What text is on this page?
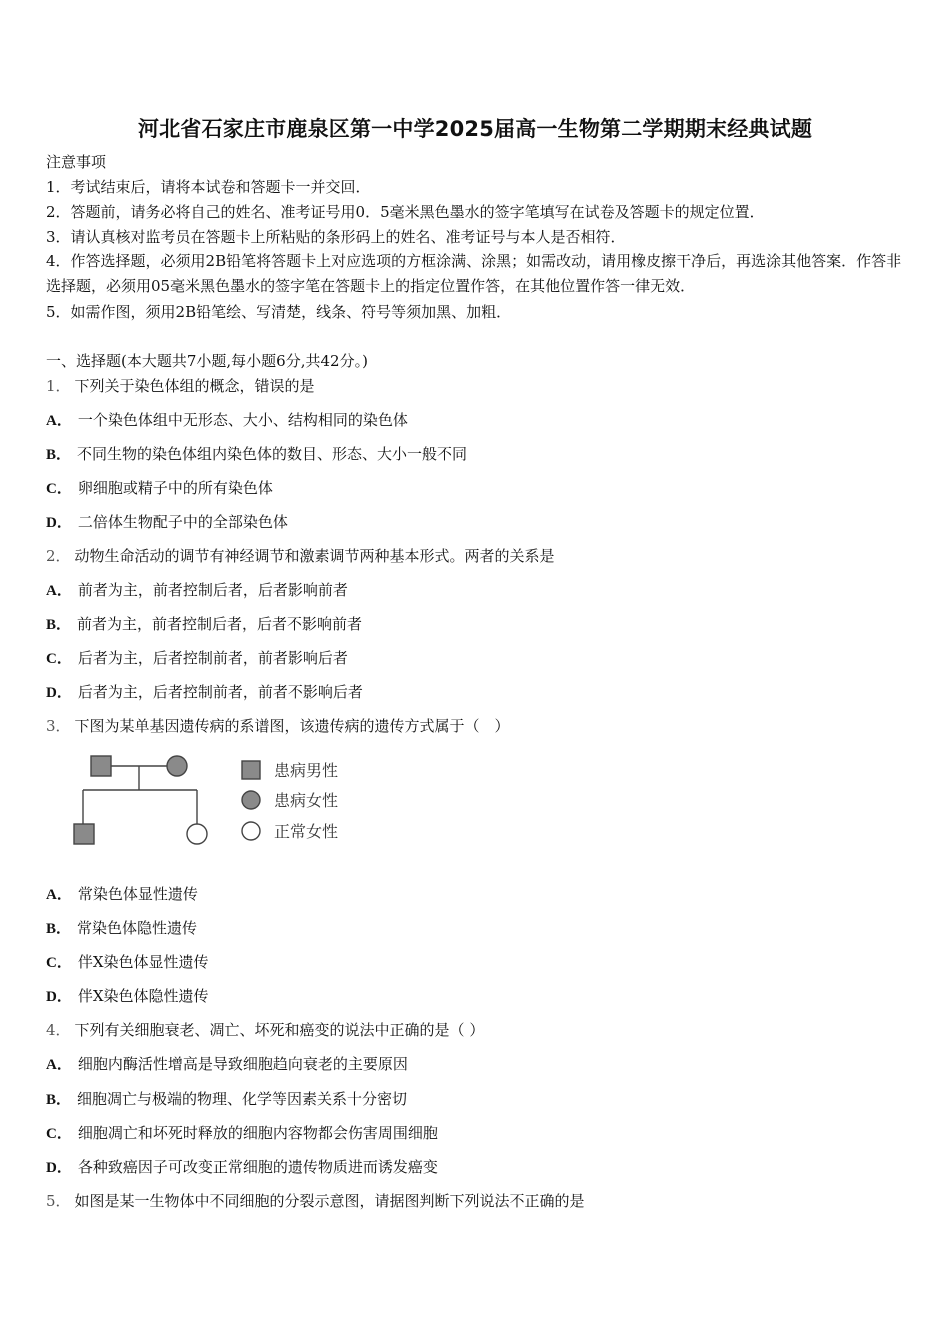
河北省石家庄市鹿泉区第一中学2025届高一生物第二学期期末经典试题
注意事项
1．考试结束后，请将本试卷和答题卡一并交回．
2．答题前，请务必将自己的姓名、准考证号用0．5毫米黑色墨水的签字笔填写在试卷及答题卡的规定位置．
3．请认真核对监考员在答题卡上所粘贴的条形码上的姓名、准考证号与本人是否相符．
4．作答选择题，必须用2B铅笔将答题卡上对应选项的方框涂满、涂黑；如需改动，请用橡皮擦干净后，再选涂其他答案．作答非选择题，必须用05毫米黑色墨水的签字笔在答题卡上的指定位置作答，在其他位置作答一律无效．
5．如需作图，须用2B铅笔绘、写清楚，线条、符号等须加黑、加粗．
一、选择题(本大题共7小题,每小题6分,共42分。)
1． 下列关于染色体组的概念，错误的是
A． 一个染色体组中无形态、大小、结构相同的染色体
B． 不同生物的染色体组内染色体的数目、形态、大小一般不同
C． 卵细胞或精子中的所有染色体
D． 二倍体生物配子中的全部染色体
2． 动物生命活动的调节有神经调节和激素调节两种基本形式。两者的关系是
A． 前者为主，前者控制后者，后者影响前者
B． 前者为主，前者控制后者，后者不影响前者
C． 后者为主，后者控制前者，前者影响后者
D． 后者为主，后者控制前者，前者不影响后者
3． 下图为某单基因遗传病的系谱图，该遗传病的遗传方式属于（　）
患病男性
患病女性
正常女性
A． 常染色体显性遗传
B． 常染色体隐性遗传
C． 伴X染色体显性遗传
D． 伴X染色体隐性遗传
4． 下列有关细胞衰老、凋亡、坏死和癌变的说法中正确的是（ ）
A． 细胞内酶活性增高是导致细胞趋向衰老的主要原因
B． 细胞凋亡与极端的物理、化学等因素关系十分密切
C． 细胞凋亡和坏死时释放的细胞内容物都会伤害周围细胞
D． 各种致癌因子可改变正常细胞的遗传物质进而诱发癌变
5． 如图是某一生物体中不同细胞的分裂示意图，请据图判断下列说法不正确的是
